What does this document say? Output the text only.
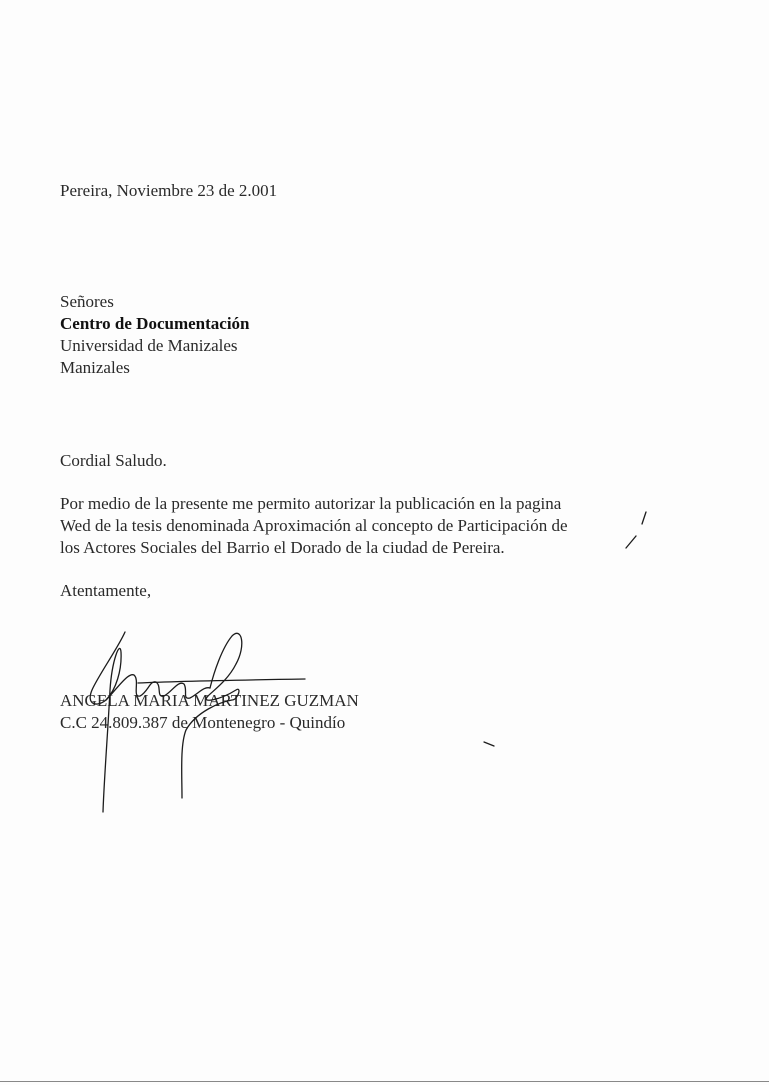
Pereira, Noviembre 23 de 2.001
Señores
Centro de Documentación
Universidad de Manizales
Manizales
Cordial Saludo.
Por medio de la presente me permito autorizar la publicación en la pagina
Wed de la tesis denominada Aproximación al concepto de Participación de
los Actores Sociales del Barrio el Dorado de la ciudad de Pereira.
Atentamente,
ANGELA MARIA MARTINEZ GUZMAN
C.C 24.809.387 de Montenegro - Quindío
